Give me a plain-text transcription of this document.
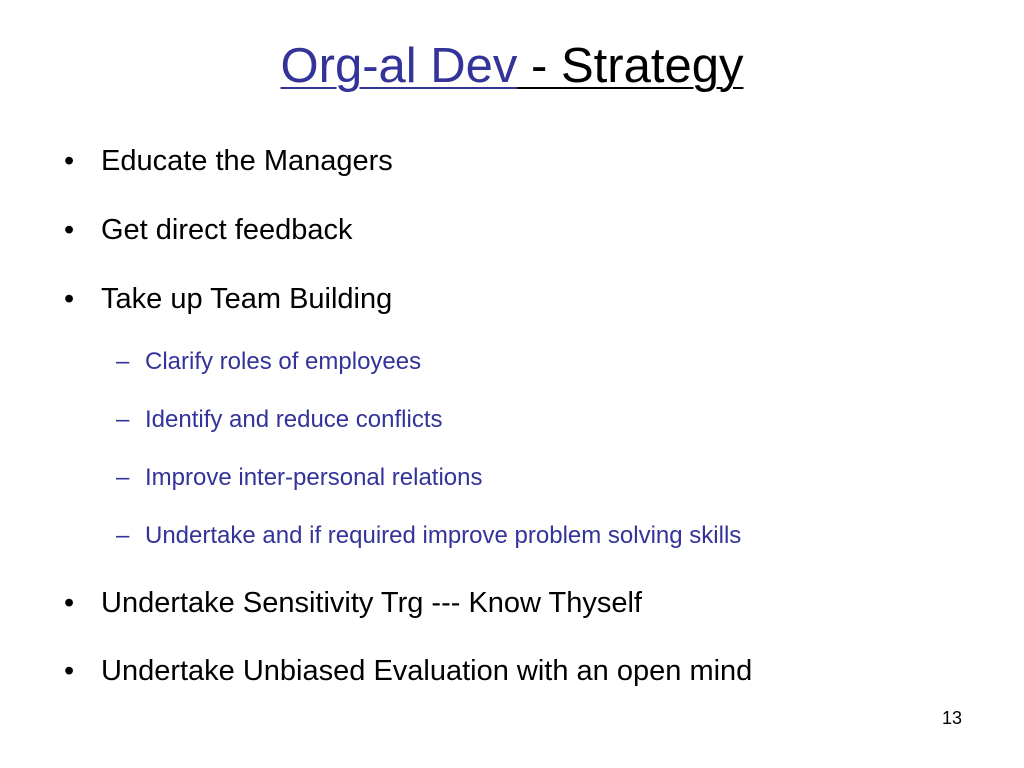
Org-al Dev - Strategy
• Educate the Managers
• Get direct feedback
• Take up Team Building
– Clarify roles of employees
– Identify and reduce conflicts
– Improve inter-personal relations
– Undertake and if required improve problem solving skills
• Undertake Sensitivity Trg --- Know Thyself
• Undertake Unbiased Evaluation with an open mind
13
